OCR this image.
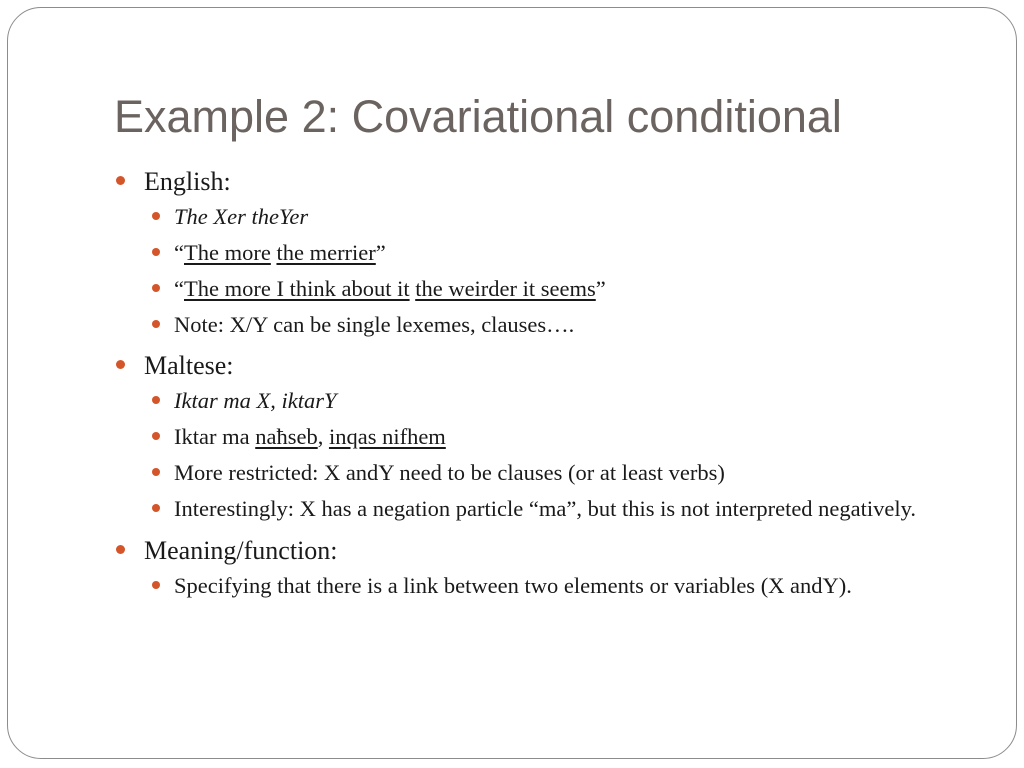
Example 2: Covariational conditional
English:
The Xer theYer
“The more the merrier”
“The more I think about it the weirder it seems”
Note: X/Y can be single lexemes, clauses….
Maltese:
Iktar ma X, iktarY
Iktar ma naħseb, inqas nifhem
More restricted: X andY need to be clauses (or at least verbs)
Interestingly: X has a negation particle “ma”, but this is not interpreted negatively.
Meaning/function:
Specifying that there is a link between two elements or variables (X andY).
